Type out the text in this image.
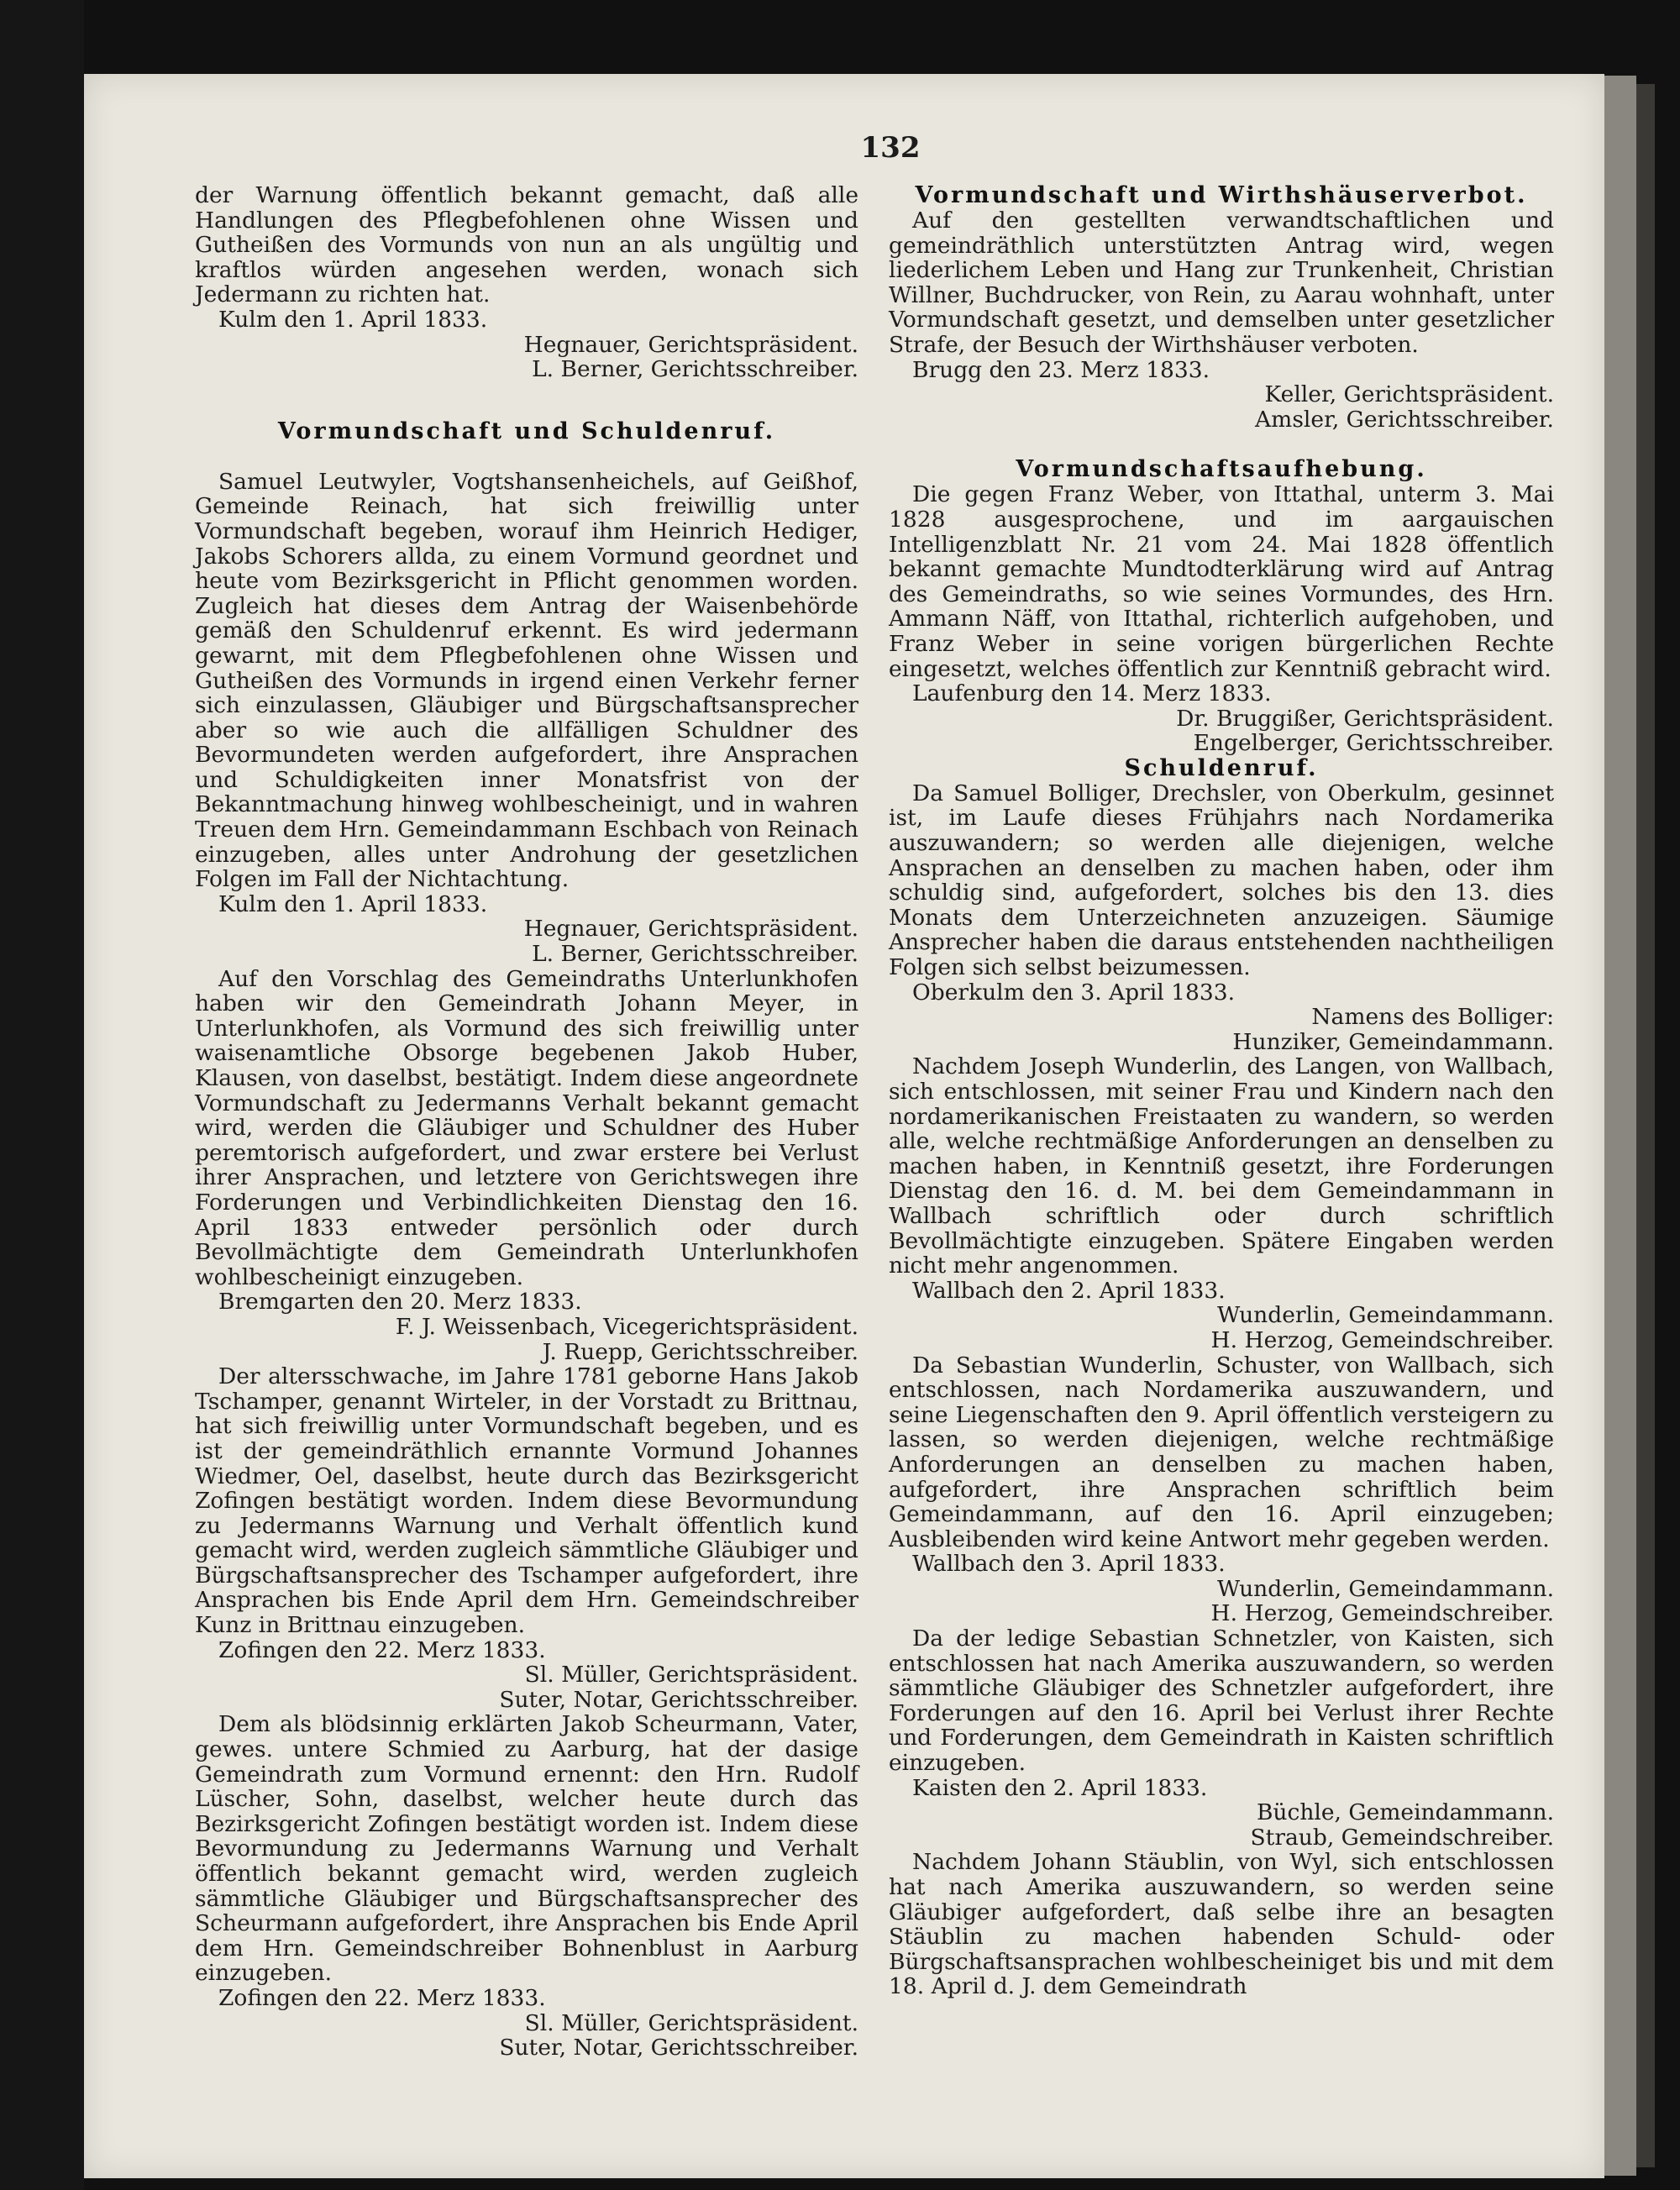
132

der Warnung öffentlich bekannt gemacht, daß alle Handlungen des Pflegbefohlenen ohne Wissen und Gutheißen des Vormunds von nun an als ungültig und kraftlos würden angesehen werden, wonach sich Jedermann zu richten hat.

Kulm den 1. April 1833.

Hegnauer, Gerichtspräsident.

L. Berner, Gerichtsschreiber.

Vormundschaft und Schuldenruf.

Samuel Leutwyler, Vogtshansenheichels, auf Geißhof, Gemeinde Reinach, hat sich freiwillig unter Vormundschaft begeben, worauf ihm Heinrich Hediger, Jakobs Schorers allda, zu einem Vormund geordnet und heute vom Bezirksgericht in Pflicht genommen worden. Zugleich hat dieses dem Antrag der Waisenbehörde gemäß den Schuldenruf erkennt. Es wird jedermann gewarnt, mit dem Pflegbefohlenen ohne Wissen und Gutheißen des Vormunds in irgend einen Verkehr ferner sich einzulassen, Gläubiger und Bürgschaftsansprecher aber so wie auch die allfälligen Schuldner des Bevormundeten werden aufgefordert, ihre Ansprachen und Schuldigkeiten inner Monatsfrist von der Bekanntmachung hinweg wohlbescheinigt, und in wahren Treuen dem Hrn. Gemeindammann Eschbach von Reinach einzugeben, alles unter Androhung der gesetzlichen Folgen im Fall der Nichtachtung.

Kulm den 1. April 1833.

Hegnauer, Gerichtspräsident.

L. Berner, Gerichtsschreiber.

Auf den Vorschlag des Gemeindraths Unterlunkhofen haben wir den Gemeindrath Johann Meyer, in Unterlunkhofen, als Vormund des sich freiwillig unter waisenamtliche Obsorge begebenen Jakob Huber, Klausen, von daselbst, bestätigt. Indem diese angeordnete Vormundschaft zu Jedermanns Verhalt bekannt gemacht wird, werden die Gläubiger und Schuldner des Huber peremtorisch aufgefordert, und zwar erstere bei Verlust ihrer Ansprachen, und letztere von Gerichtswegen ihre Forderungen und Verbindlichkeiten Dienstag den 16. April 1833 entweder persönlich oder durch Bevollmächtigte dem Gemeindrath Unterlunkhofen wohlbescheinigt einzugeben.

Bremgarten den 20. Merz 1833.

F. J. Weissenbach, Vicegerichtspräsident.

J. Ruepp, Gerichtsschreiber.

Der altersschwache, im Jahre 1781 geborne Hans Jakob Tschamper, genannt Wirteler, in der Vorstadt zu Brittnau, hat sich freiwillig unter Vormundschaft begeben, und es ist der gemeindräthlich ernannte Vormund Johannes Wiedmer, Oel, daselbst, heute durch das Bezirksgericht Zofingen bestätigt worden. Indem diese Bevormundung zu Jedermanns Warnung und Verhalt öffentlich kund gemacht wird, werden zugleich sämmtliche Gläubiger und Bürgschaftsansprecher des Tschamper aufgefordert, ihre Ansprachen bis Ende April dem Hrn. Gemeindschreiber Kunz in Brittnau einzugeben.

Zofingen den 22. Merz 1833.

Sl. Müller, Gerichtspräsident.

Suter, Notar, Gerichtsschreiber.

Dem als blödsinnig erklärten Jakob Scheurmann, Vater, gewes. untere Schmied zu Aarburg, hat der dasige Gemeindrath zum Vormund ernennt: den Hrn. Rudolf Lüscher, Sohn, daselbst, welcher heute durch das Bezirksgericht Zofingen bestätigt worden ist. Indem diese Bevormundung zu Jedermanns Warnung und Verhalt öffentlich bekannt gemacht wird, werden zugleich sämmtliche Gläubiger und Bürgschaftsansprecher des Scheurmann aufgefordert, ihre Ansprachen bis Ende April dem Hrn. Gemeindschreiber Bohnenblust in Aarburg einzugeben.

Zofingen den 22. Merz 1833.

Sl. Müller, Gerichtspräsident.

Suter, Notar, Gerichtsschreiber.

Vormundschaft und Wirthshäuserverbot.

Auf den gestellten verwandtschaftlichen und gemeindräthlich unterstützten Antrag wird, wegen liederlichem Leben und Hang zur Trunkenheit, Christian Willner, Buchdrucker, von Rein, zu Aarau wohnhaft, unter Vormundschaft gesetzt, und demselben unter gesetzlicher Strafe, der Besuch der Wirthshäuser verboten.

Brugg den 23. Merz 1833.

Keller, Gerichtspräsident.

Amsler, Gerichtsschreiber.

Vormundschaftsaufhebung.

Die gegen Franz Weber, von Ittathal, unterm 3. Mai 1828 ausgesprochene, und im aargauischen Intelligenzblatt Nr. 21 vom 24. Mai 1828 öffentlich bekannt gemachte Mundtodterklärung wird auf Antrag des Gemeindraths, so wie seines Vormundes, des Hrn. Ammann Näff, von Ittathal, richterlich aufgehoben, und Franz Weber in seine vorigen bürgerlichen Rechte eingesetzt, welches öffentlich zur Kenntniß gebracht wird.

Laufenburg den 14. Merz 1833.

Dr. Bruggißer, Gerichtspräsident.

Engelberger, Gerichtsschreiber.

Schuldenruf.

Da Samuel Bolliger, Drechsler, von Oberkulm, gesinnet ist, im Laufe dieses Frühjahrs nach Nordamerika auszuwandern; so werden alle diejenigen, welche Ansprachen an denselben zu machen haben, oder ihm schuldig sind, aufgefordert, solches bis den 13. dies Monats dem Unterzeichneten anzuzeigen. Säumige Ansprecher haben die daraus entstehenden nachtheiligen Folgen sich selbst beizumessen.

Oberkulm den 3. April 1833.

Namens des Bolliger:

Hunziker, Gemeindammann.

Nachdem Joseph Wunderlin, des Langen, von Wallbach, sich entschlossen, mit seiner Frau und Kindern nach den nordamerikanischen Freistaaten zu wandern, so werden alle, welche rechtmäßige Anforderungen an denselben zu machen haben, in Kenntniß gesetzt, ihre Forderungen Dienstag den 16. d. M. bei dem Gemeindammann in Wallbach schriftlich oder durch schriftlich Bevollmächtigte einzugeben. Spätere Eingaben werden nicht mehr angenommen.

Wallbach den 2. April 1833.

Wunderlin, Gemeindammann.

H. Herzog, Gemeindschreiber.

Da Sebastian Wunderlin, Schuster, von Wallbach, sich entschlossen, nach Nordamerika auszuwandern, und seine Liegenschaften den 9. April öffentlich versteigern zu lassen, so werden diejenigen, welche rechtmäßige Anforderungen an denselben zu machen haben, aufgefordert, ihre Ansprachen schriftlich beim Gemeindammann, auf den 16. April einzugeben; Ausbleibenden wird keine Antwort mehr gegeben werden.

Wallbach den 3. April 1833.

Wunderlin, Gemeindammann.

H. Herzog, Gemeindschreiber.

Da der ledige Sebastian Schnetzler, von Kaisten, sich entschlossen hat nach Amerika auszuwandern, so werden sämmtliche Gläubiger des Schnetzler aufgefordert, ihre Forderungen auf den 16. April bei Verlust ihrer Rechte und Forderungen, dem Gemeindrath in Kaisten schriftlich einzugeben.

Kaisten den 2. April 1833.

Büchle, Gemeindammann.

Straub, Gemeindschreiber.

Nachdem Johann Stäublin, von Wyl, sich entschlossen hat nach Amerika auszuwandern, so werden seine Gläubiger aufgefordert, daß selbe ihre an besagten Stäublin zu machen habenden Schuld- oder Bürgschaftsansprachen wohlbescheiniget bis und mit dem 18. April d. J. dem Gemeindrath
